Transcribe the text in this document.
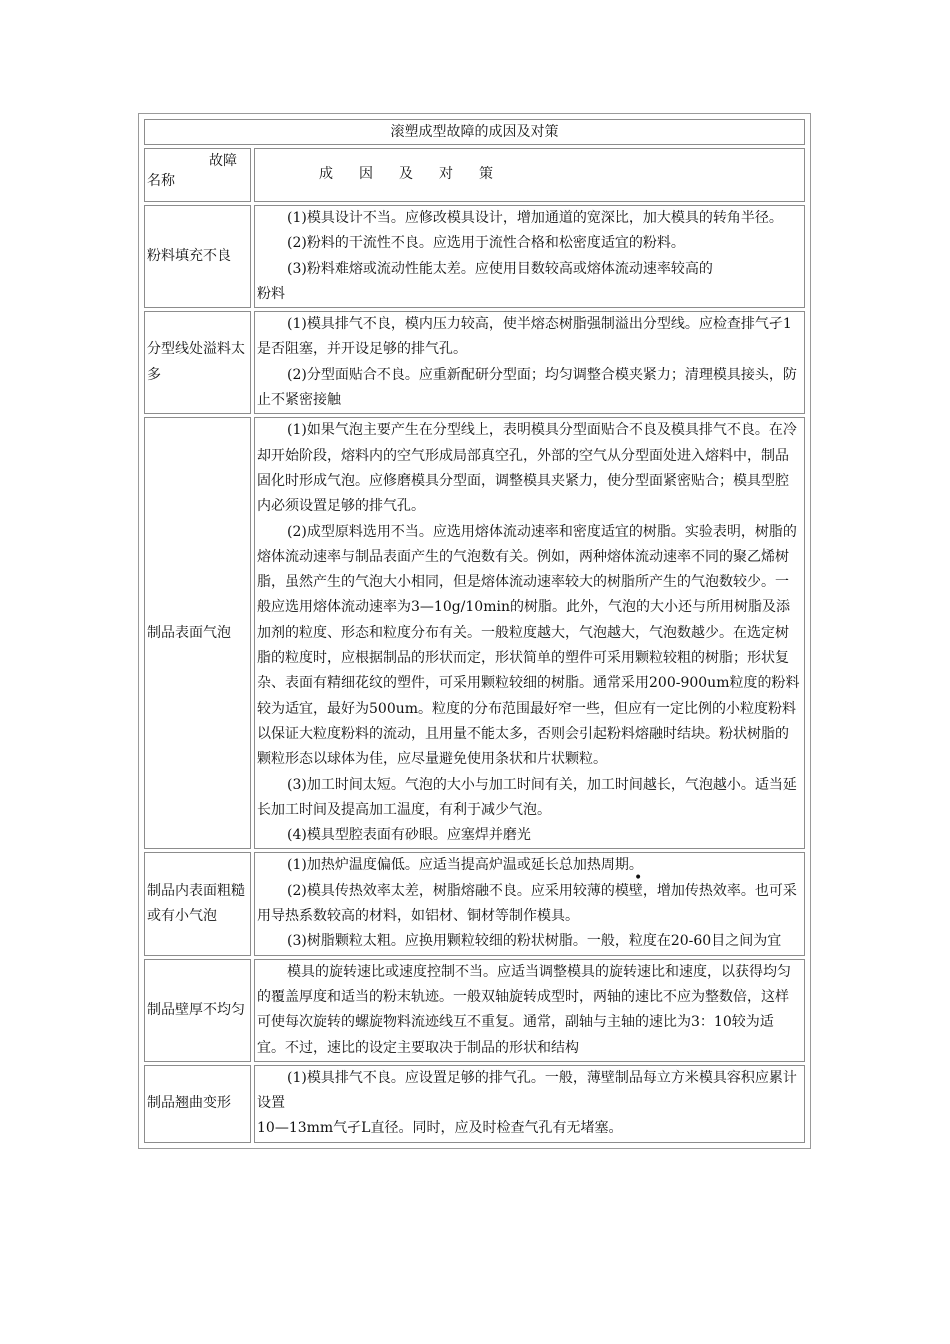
滚塑成型故障的成因及对策	

故障
名称	成 因 及 对 策
粉料填充不良	(1)模具设计不当。应修改模具设计，增加通道的宽深比，加大模具的转角半径。

(2)粉料的干流性不良。应选用于流性合格和松密度适宜的粉料。

(3)粉料难熔或流动性能太差。应使用目数较高或熔体流动速率较高的

粉料

分型线处溢料太多	(1)模具排气不良，模内压力较高，使半熔态树脂强制溢出分型线。应检查排气孑1是否阻塞，并开设足够的排气孔。

(2)分型面贴合不良。应重新配研分型面；均匀调整合模夹紧力；清理模具接头，防止不紧密接触

制品表面气泡	(1)如果气泡主要产生在分型线上，表明模具分型面贴合不良及模具排气不良。在冷却开始阶段，熔料内的空气形成局部真空孔，外部的空气从分型面处进入熔料中，制品固化时形成气泡。应修磨模具分型面，调整模具夹紧力，使分型面紧密贴合；模具型腔内必须设置足够的排气孔。

(2)成型原料选用不当。应选用熔体流动速率和密度适宜的树脂。实验表明，树脂的熔体流动速率与制品表面产生的气泡数有关。例如，两种熔体流动速率不同的聚乙烯树脂，虽然产生的气泡大小相同，但是熔体流动速率较大的树脂所产生的气泡数较少。一般应选用熔体流动速率为3—10g/10min的树脂。此外，气泡的大小还与所用树脂及添加剂的粒度、形态和粒度分布有关。一般粒度越大，气泡越大，气泡数越少。在选定树脂的粒度时，应根据制品的形状而定，形状简单的塑件可采用颗粒较粗的树脂；形状复杂、表面有精细花纹的塑件，可采用颗粒较细的树脂。通常采用200-900um粒度的粉料较为适宜，最好为500um。粒度的分布范围最好窄一些，但应有一定比例的小粒度粉料以保证大粒度粉料的流动，且用量不能太多，否则会引起粉料熔融时结块。粉状树脂的颗粒形态以球体为佳，应尽量避免使用条状和片状颗粒。

(3)加工时间太短。气泡的大小与加工时间有关，加工时间越长，气泡越小。适当延长加工时间及提高加工温度，有利于减少气泡。

(4)模具型腔表面有砂眼。应塞焊并磨光

制品内表面粗糙或有小气泡	(1)加热炉温度偏低。应适当提高炉温或延长总加热周期。

(2)模具传热效率太差，树脂熔融不良。应采用较薄的模壁，增加传热效率。也可采用导热系数较高的材料，如铝材、铜材等制作模具。

(3)树脂颗粒太粗。应换用颗粒较细的粉状树脂。一般，粒度在20-60目之间为宜

制品壁厚不均匀	模具的旋转速比或速度控制不当。应适当调整模具的旋转速比和速度，以获得均匀的覆盖厚度和适当的粉末轨迹。一般双轴旋转成型时，两轴的速比不应为整数倍，这样可使每次旋转的螺旋物料流迹线互不重复。通常，副轴与主轴的速比为3：10较为适宜。不过，速比的设定主要取决于制品的形状和结构

制品翘曲变形	(1)模具排气不良。应设置足够的排气孔。一般，薄壁制品每立方米模具容积应累计设置

10—13mm气孑L直径。同时，应及时检查气孔有无堵塞。

•
